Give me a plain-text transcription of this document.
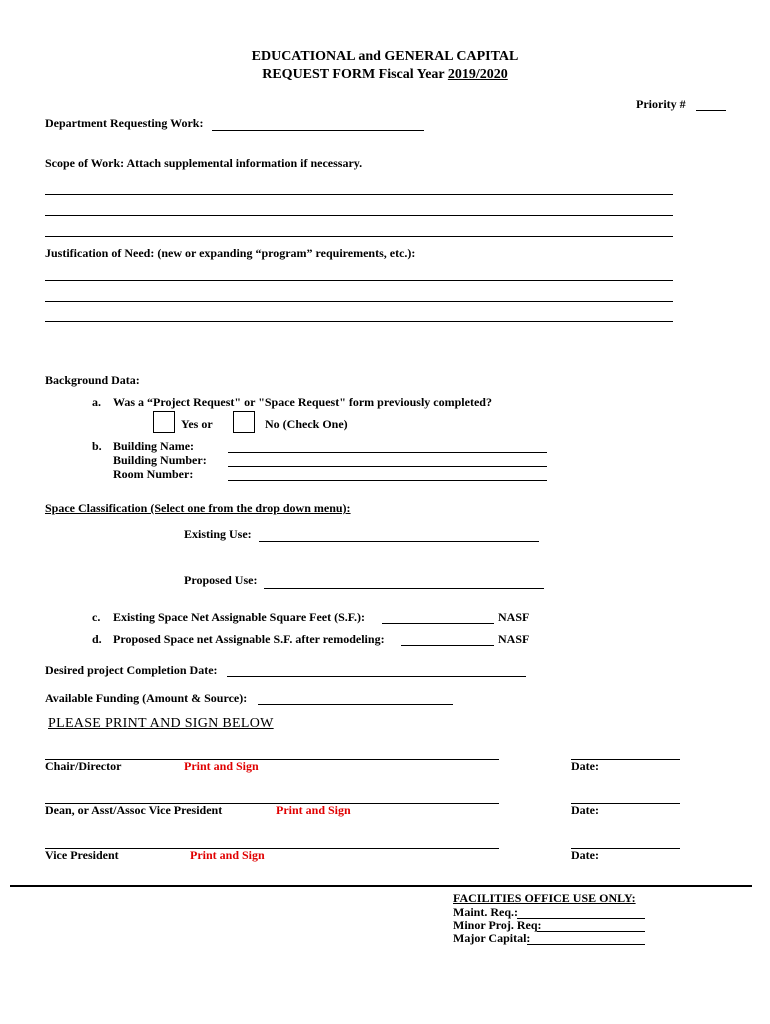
EDUCATIONAL and GENERAL CAPITAL
REQUEST FORM Fiscal Year 2019/2020
Priority #
Department Requesting Work:
Scope of Work: Attach supplemental information if necessary.
Justification of Need: (new or expanding “program” requirements, etc.):
Background Data:
a. Was a “Project Request" or "Space Request" form previously completed?
Yes or	No (Check One)
b. Building Name:
Building Number:
Room Number:
Space Classification (Select one from the drop down menu):
Existing Use:
Proposed Use:
c. Existing Space Net Assignable Square Feet (S.F.):	NASF
d. Proposed Space net Assignable S.F. after remodeling:	NASF
Desired project Completion Date:
Available Funding (Amount & Source):
PLEASE PRINT AND SIGN BELOW
Chair/Director	Print and Sign	Date:
Dean, or Asst/Assoc Vice President	Print and Sign	Date:
Vice President	Print and Sign	Date:
FACILITIES OFFICE USE ONLY:
Maint. Req.:
Minor Proj. Req:
Major Capital:
